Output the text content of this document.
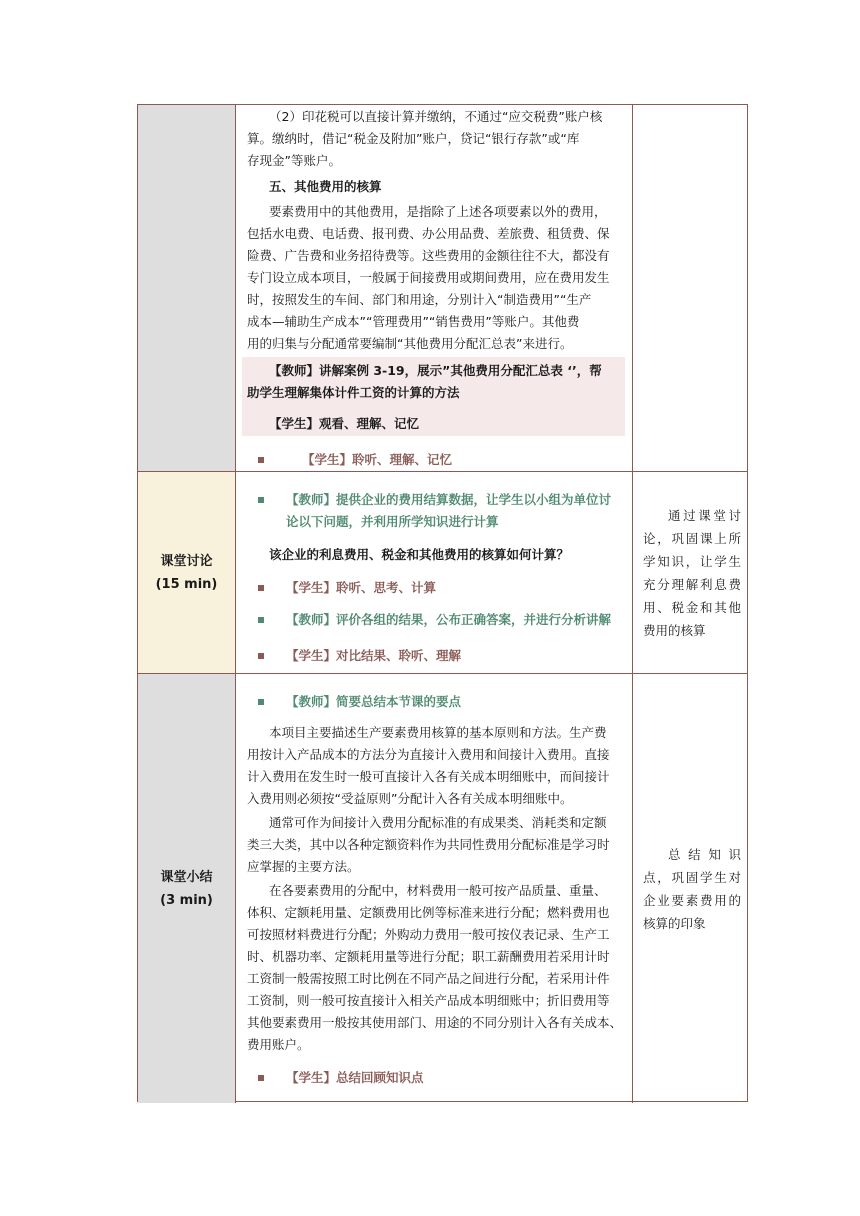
（2）印花税可以直接计算并缴纳，不通过“应交税费”账户核
算。缴纳时，借记“税金及附加”账户，贷记“银行存款”或“库
存现金”等账户。
五、其他费用的核算
要素费用中的其他费用，是指除了上述各项要素以外的费用，
包括水电费、电话费、报刊费、办公用品费、差旅费、租赁费、保
险费、广告费和业务招待费等。这些费用的金额往往不大，都没有
专门设立成本项目，一般属于间接费用或期间费用，应在费用发生
时，按照发生的车间、部门和用途，分别计入“制造费用”“生产
成本—辅助生产成本”“管理费用”“销售费用”等账户。其他费
用的归集与分配通常要编制“其他费用分配汇总表”来进行。
【教师】讲解案例 3-19，展示”其他费用分配汇总表 ‘’，帮
助学生理解集体计件工资的计算的方法
【学生】观看、理解、记忆
【学生】聆听、理解、记忆
课堂讨论
(15 min)
【教师】提供企业的费用结算数据，让学生以小组为单位讨
论以下问题，并利用所学知识进行计算
该企业的利息费用、税金和其他费用的核算如何计算？
【学生】聆听、思考、计算
【教师】评价各组的结果，公布正确答案，并进行分析讲解
【学生】对比结果、聆听、理解
通过课堂讨论，巩固课上所学知识，让学生充分理解利息费用、税金和其他费用的核算
课堂小结
(3 min)
【教师】简要总结本节课的要点
本项目主要描述生产要素费用核算的基本原则和方法。生产费
用按计入产品成本的方法分为直接计入费用和间接计入费用。直接
计入费用在发生时一般可直接计入各有关成本明细账中，而间接计
入费用则必须按“受益原则”分配计入各有关成本明细账中。
通常可作为间接计入费用分配标准的有成果类、消耗类和定额
类三大类，其中以各种定额资料作为共同性费用分配标准是学习时
应掌握的主要方法。
在各要素费用的分配中，材料费用一般可按产品质量、重量、
体积、定额耗用量、定额费用比例等标准来进行分配；燃料费用也
可按照材料费进行分配；外购动力费用一般可按仪表记录、生产工
时、机器功率、定额耗用量等进行分配；职工薪酬费用若采用计时
工资制一般需按照工时比例在不同产品之间进行分配，若采用计件
工资制，则一般可按直接计入相关产品成本明细账中；折旧费用等
其他要素费用一般按其使用部门、用途的不同分别计入各有关成本、
费用账户。
【学生】总结回顾知识点
总结知识点，巩固学生对企业要素费用的核算的印象
